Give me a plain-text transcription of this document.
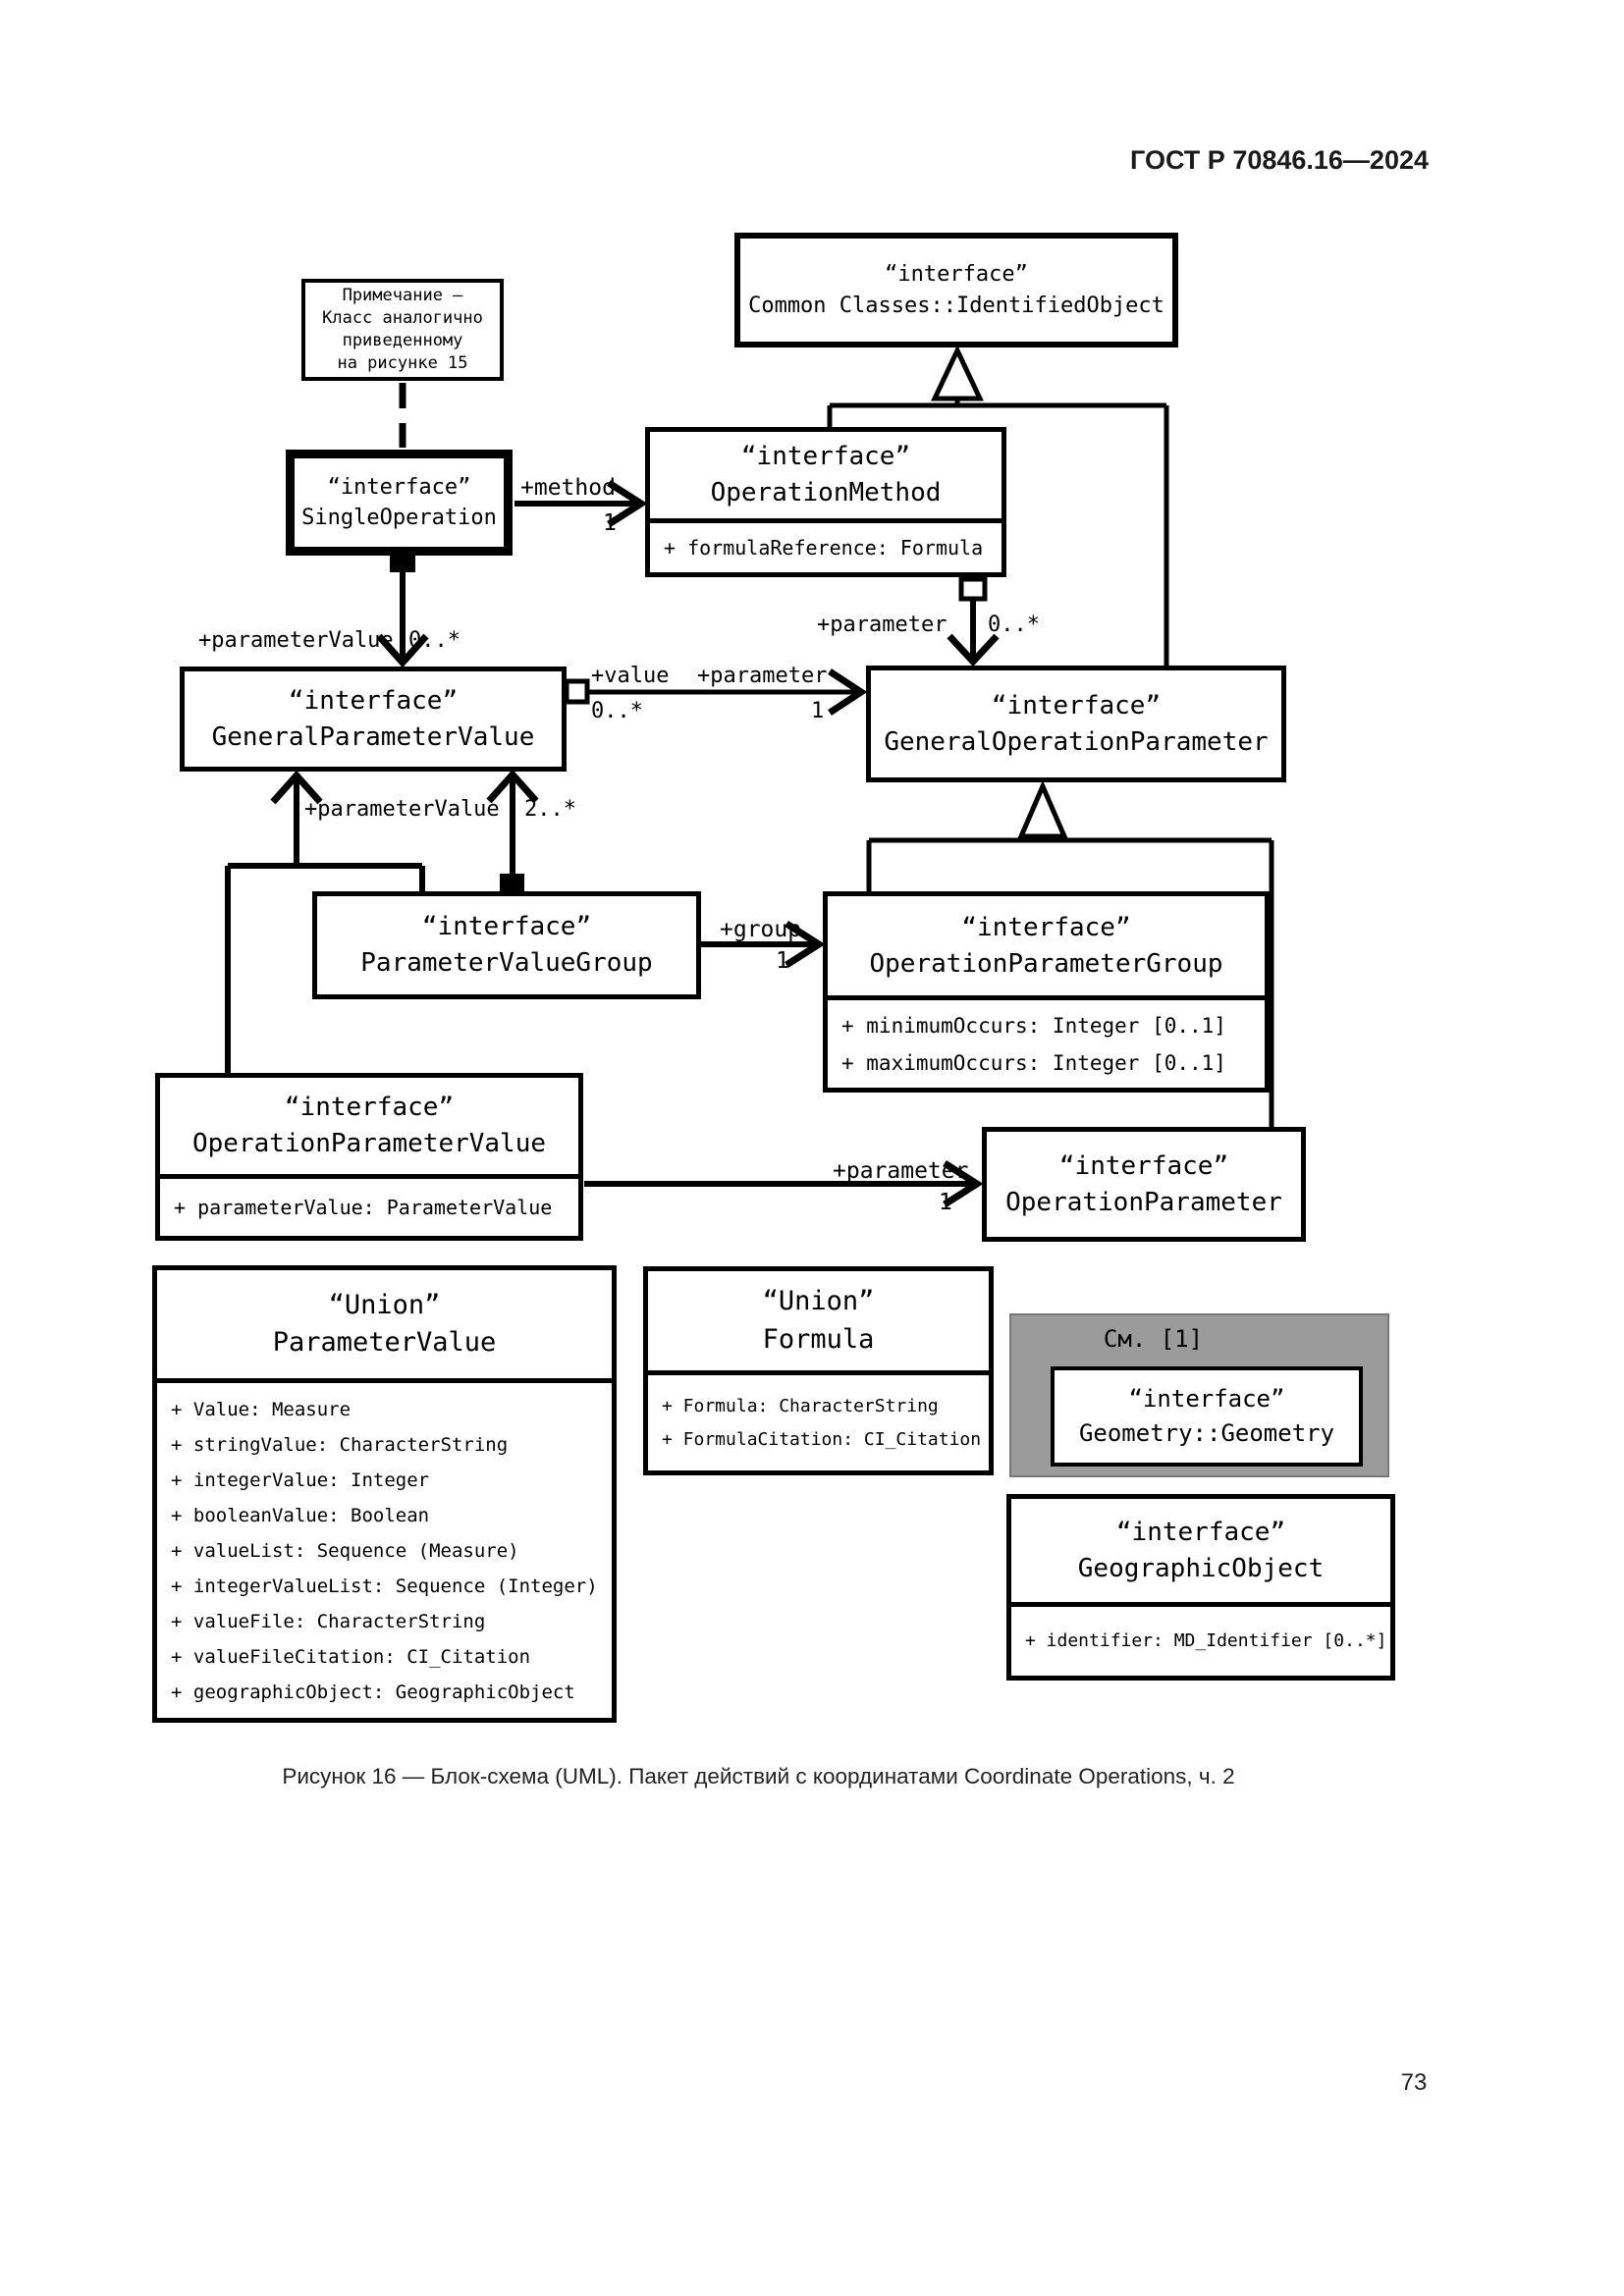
ГОСТ Р 70846.16—2024
Примечание —
Класс аналогично
приведенному
на рисунке 15
“interface”
Common Classes::IdentifiedObject
“interface”
SingleOperation
“interface”
OperationMethod
+ formulaReference: Formula
“interface”
GeneralParameterValue
“interface”
GeneralOperationParameter
“interface”
ParameterValueGroup
“interface”
OperationParameterGroup
+ minimumOccurs: Integer [0..1]
+ maximumOccurs: Integer [0..1]
“interface”
OperationParameterValue
+ parameterValue: ParameterValue
“interface”
OperationParameter
“Union”
ParameterValue
+ Value: Measure
+ stringValue: CharacterString
+ integerValue: Integer
+ booleanValue: Boolean
+ valueList: Sequence (Measure)
+ integerValueList: Sequence (Integer)
+ valueFile: CharacterString
+ valueFileCitation: CI_Citation
+ geographicObject: GeographicObject
“Union”
Formula
+ Formula: CharacterString
+ FormulaCitation: CI_Citation
См. [1]
“interface”
Geometry::Geometry
“interface”
GeographicObject
+ identifier: MD_Identifier [0..*]
+method
1
+parameterValue 0..*
+value
0..*
+parameter
1
+parameter 0..*
+parameterValue 2..*
+group
1
+parameter
1
Рисунок 16 — Блок-схема (UML). Пакет действий с координатами Coordinate Operations, ч. 2
73
